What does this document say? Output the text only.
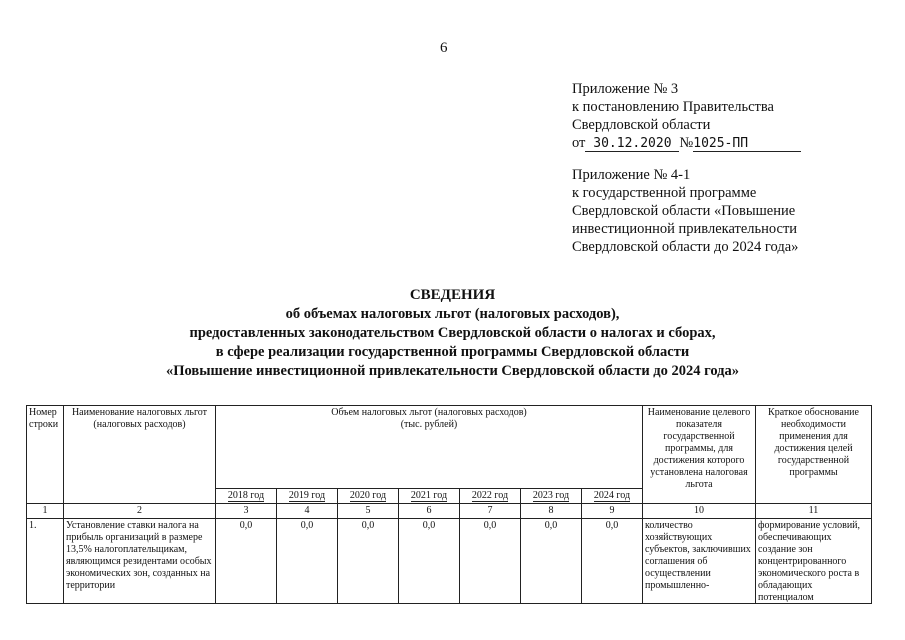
6
Приложение № 3
к постановлению Правительства
Свердловской области
от 30.12.2020 №1025-ПП
Приложение № 4-1
к государственной программе
Свердловской области «Повышение
инвестиционной привлекательности
Свердловской области до 2024 года»
СВЕДЕНИЯ
об объемах налоговых льгот (налоговых расходов),
предоставленных законодательством Свердловской области о налогах и сборах,
в сфере реализации государственной программы Свердловской области
«Повышение инвестиционной привлекательности Свердловской области до 2024 года»
Номер строки	Наименование налоговых льгот (налоговых расходов)	Объем налоговых льгот (налоговых расходов)
(тыс. рублей)							Наименование целевого показателя государственной программы, для достижения которого установлена налоговая льгота	Краткое обоснование необходимости применения для достижения целей государственной программы
		2018 год	2019 год	2020 год	2021 год	2022 год	2023 год	2024 год		
1	2	3	4	5	6	7	8	9	10	11

1.	Установление ставки налога на прибыль организаций в размере 13,5% налогоплательщикам, являющимся резидентами особых экономических зон, созданных на территории	0,0	0,0	0,0	0,0	0,0	0,0	0,0	количество хозяйствующих субъектов, заключивших соглашения об осуществлении промышленно-	формирование условий, обеспечивающих создание зон концентрированного экономического роста в обладающих потенциалом
